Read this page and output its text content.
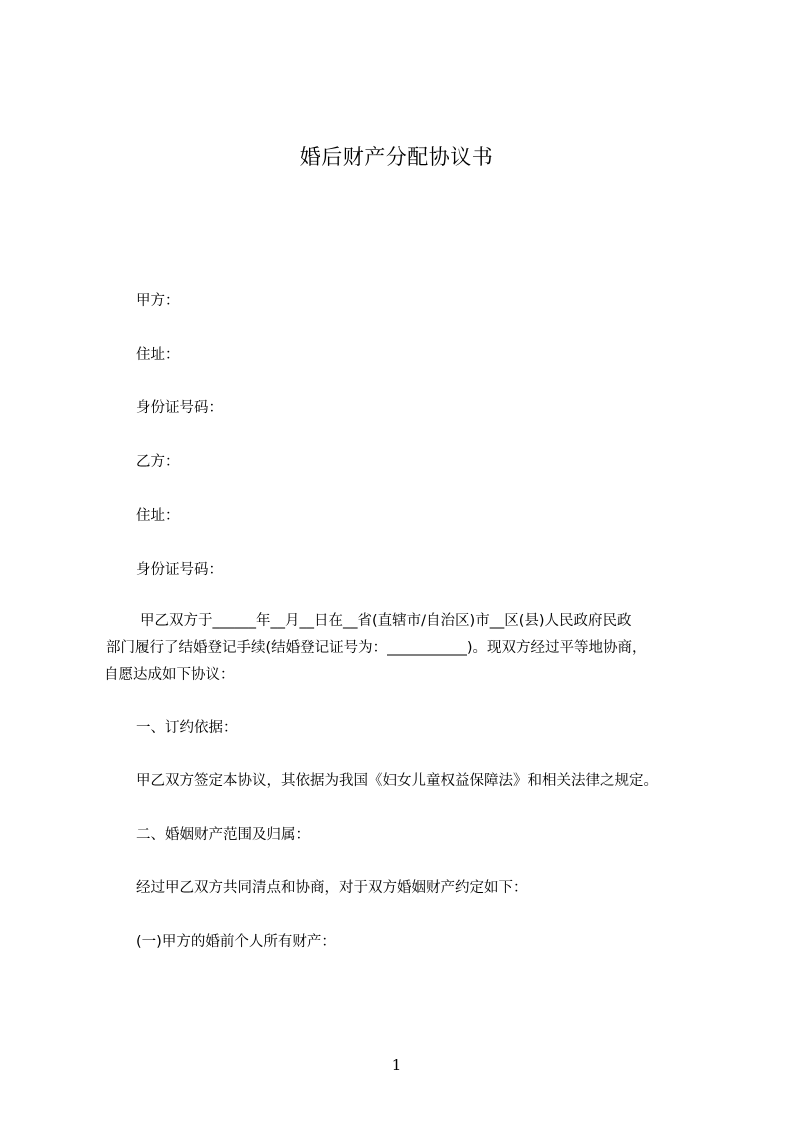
婚后财产分配协议书
甲方：
住址：
身份证号码：
乙方：
住址：
身份证号码：
甲乙双方于______年__月__日在__省(直辖市/自治区)市__区(县)人民政府民政
部门履行了结婚登记手续(结婚登记证号为：___________)。现双方经过平等地协商，
自愿达成如下协议：
一、订约依据：
甲乙双方签定本协议，其依据为我国《妇女儿童权益保障法》和相关法律之规定。
二、婚姻财产范围及归属：
经过甲乙双方共同清点和协商，对于双方婚姻财产约定如下：
(一)甲方的婚前个人所有财产：
1
